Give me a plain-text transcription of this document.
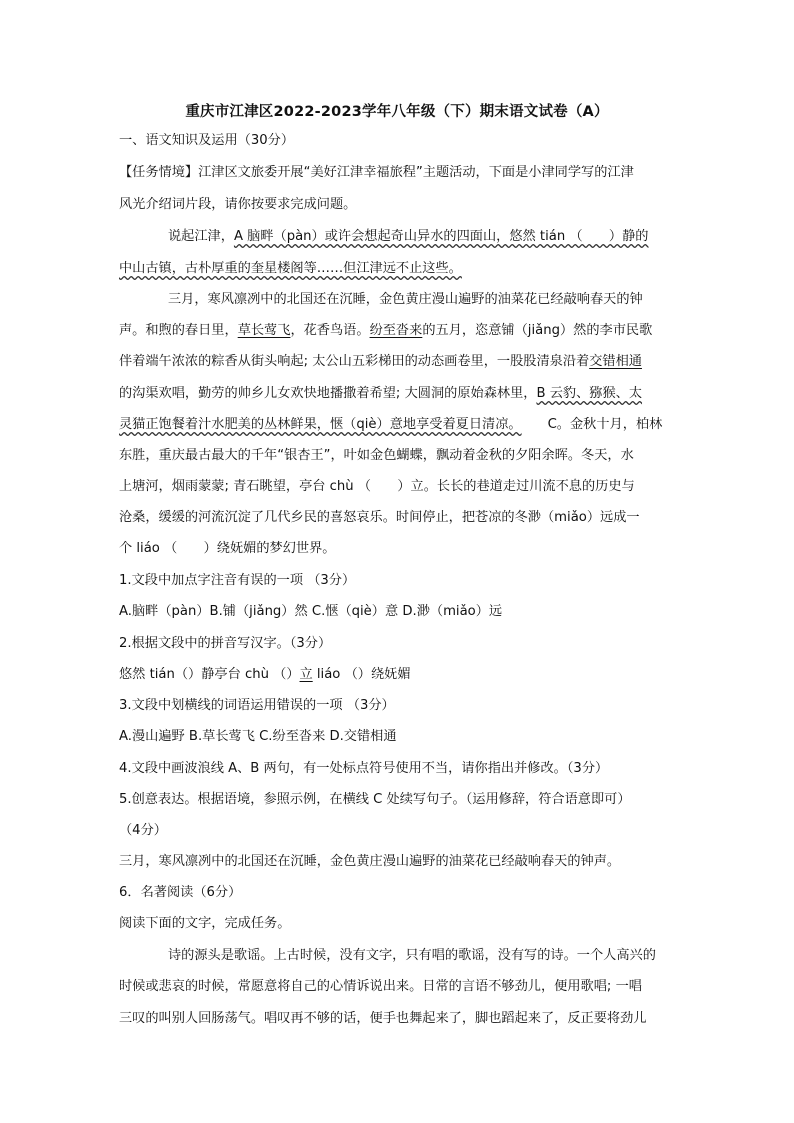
重庆市江津区2022-2023学年八年级（下）期末语文试卷（A）
一、语文知识及运用（30分）
【任务情境】江津区文旅委开展“美好江津幸福旅程”主题活动，下面是小津同学写的江津
风光介绍词片段，请你按要求完成问题。
说起江津，A 脑畔（pàn）或许会想起奇山异水的四面山，悠然 tián （　　）静的
中山古镇，古朴厚重的奎星楼阁等……但江津远不止这些。
三月，寒风凛冽中的北国还在沉睡，金色黄庄漫山遍野的油菜花已经敲响春天的钟
声。和煦的春日里，草长莺飞，花香鸟语。纷至沓来的五月，恣意铺（jiǎng）然的李市民歌
伴着端午浓浓的粽香从街头响起; 太公山五彩梯田的动态画卷里，一股股清泉沿着交错相通
的沟渠欢唱，勤劳的帅乡儿女欢快地播撒着希望; 大圆洞的原始森林里，B 云豹、猕猴、太
灵猫正饱餐着汁水肥美的丛林鲜果，惬（qiè）意地享受着夏日清凉。 C。金秋十月，柏林
东胜，重庆最古最大的千年“银杏王”，叶如金色蝴蝶，飘动着金秋的夕阳余晖。冬天，水
上塘河，烟雨蒙蒙; 青石眺望，亭台 chù （　　）立。长长的巷道走过川流不息的历史与
沧桑，缓缓的河流沉淀了几代乡民的喜怒哀乐。时间停止，把苍凉的冬渺（miǎo）远成一
个 liáo （　　）绕妩媚的梦幻世界。
1.文段中加点字注音有误的一项 （3分）
A.脑畔（pàn）B.铺（jiǎng）然 C.惬（qiè）意 D.渺（miǎo）远
2.根据文段中的拼音写汉字。（3分）
悠然 tián（）静亭台 chù （）立 liáo （）绕妩媚
3.文段中划横线的词语运用错误的一项 （3分）
A.漫山遍野 B.草长莺飞 C.纷至沓来 D.交错相通
4.文段中画波浪线 A、B 两句，有一处标点符号使用不当，请你指出并修改。（3分）
5.创意表达。根据语境，参照示例，在横线 C 处续写句子。（运用修辞，符合语意即可）
（4分）
三月，寒风凛冽中的北国还在沉睡，金色黄庄漫山遍野的油菜花已经敲响春天的钟声。
6．名著阅读（6分）
阅读下面的文字，完成任务。
诗的源头是歌谣。上古时候，没有文字，只有唱的歌谣，没有写的诗。一个人高兴的
时候或悲哀的时候，常愿意将自己的心情诉说出来。日常的言语不够劲儿，便用歌唱; 一唱
三叹的叫别人回肠荡气。唱叹再不够的话，便手也舞起来了，脚也蹈起来了，反正要将劲儿
